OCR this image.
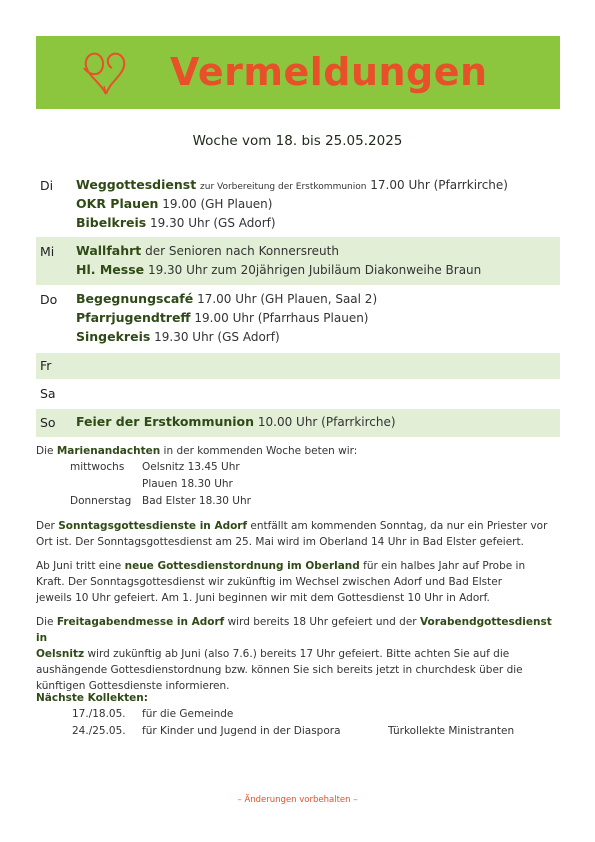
Vermeldungen
Woche vom 18. bis 25.05.2025
Di Weggottesdienst zur Vorbereitung der Erstkommunion 17.00 Uhr (Pfarrkirche)
OKR Plauen 19.00 (GH Plauen)
Bibelkreis 19.30 Uhr (GS Adorf)
Mi Wallfahrt der Senioren nach Konnersreuth
Hl. Messe 19.30 Uhr zum 20jährigen Jubiläum Diakonweihe Braun
Do Begegnungscafé 17.00 Uhr (GH Plauen, Saal 2)
Pfarrjugendtreff 19.00 Uhr (Pfarrhaus Plauen)
Singekreis 19.30 Uhr (GS Adorf)
Fr
Sa
So Feier der Erstkommunion 10.00 Uhr (Pfarrkirche)
Die Marienandachten in der kommenden Woche beten wir:
mittwochs Oelsnitz 13.45 Uhr
Plauen 18.30 Uhr
Donnerstag Bad Elster 18.30 Uhr
Der Sonntagsgottesdienste in Adorf entfällt am kommenden Sonntag, da nur ein Priester vor
Ort ist. Der Sonntagsgottesdienst am 25. Mai wird im Oberland 14 Uhr in Bad Elster gefeiert.
Ab Juni tritt eine neue Gottesdienstordnung im Oberland für ein halbes Jahr auf Probe in
Kraft. Der Sonntagsgottesdienst wir zukünftig im Wechsel zwischen Adorf und Bad Elster
jeweils 10 Uhr gefeiert. Am 1. Juni beginnen wir mit dem Gottesdienst 10 Uhr in Adorf.
Die Freitagabendmesse in Adorf wird bereits 18 Uhr gefeiert und der Vorabendgottesdienst in
Oelsnitz wird zukünftig ab Juni (also 7.6.) bereits 17 Uhr gefeiert. Bitte achten Sie auf die
aushängende Gottesdienstordnung bzw. können Sie sich bereits jetzt in churchdesk über die
künftigen Gottesdienste informieren.
Nächste Kollekten:
17./18.05. für die Gemeinde
24./25.05. für Kinder und Jugend in der Diaspora	Türkollekte Ministranten
– Änderungen vorbehalten –
